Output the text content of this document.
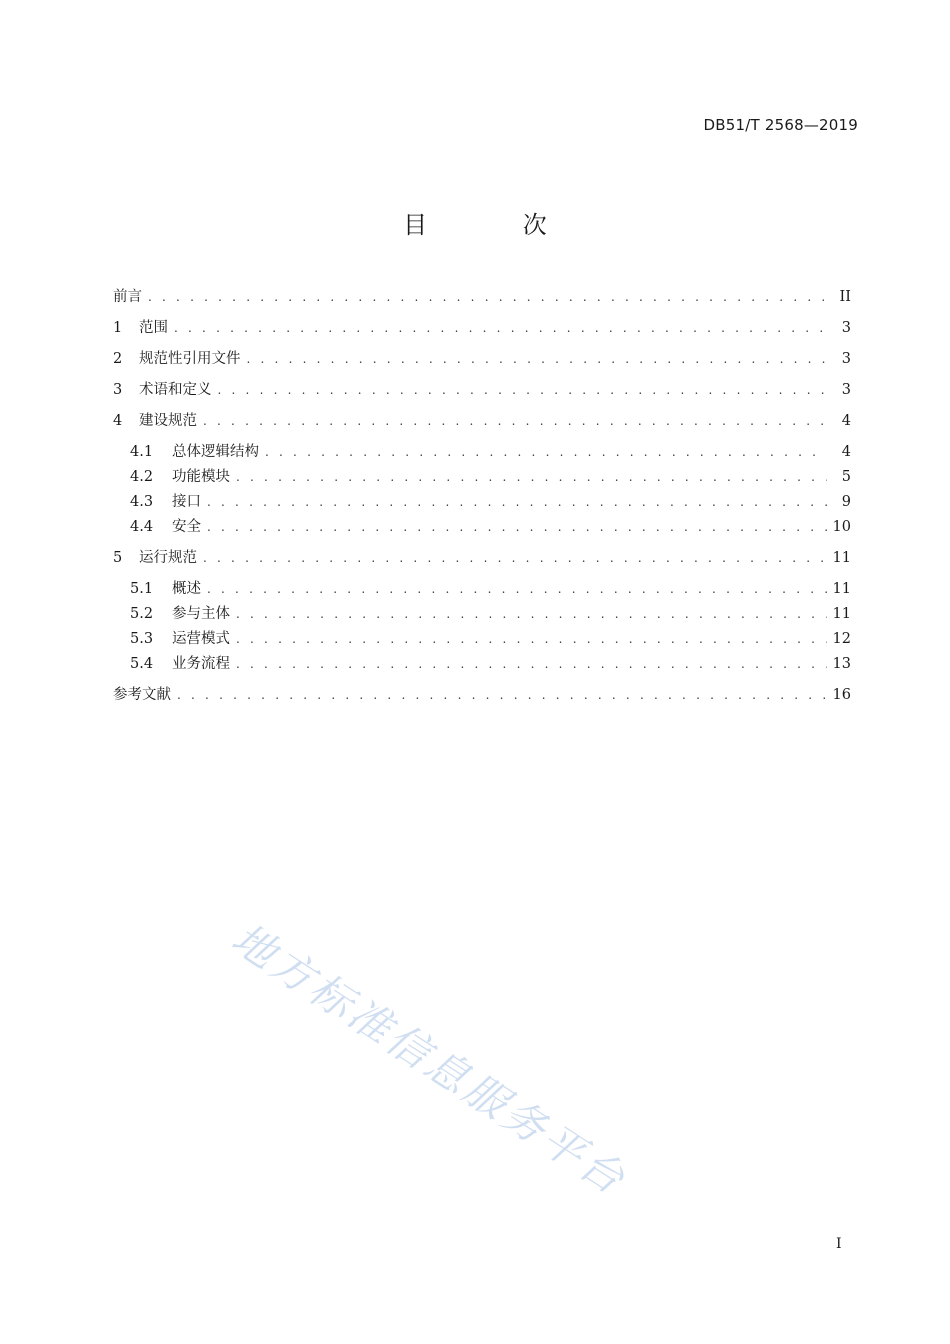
DB51/T 2568—2019
目 次
前言 . . .	II
1	范围 . . .	3
2	规范性引用文件 . . .	3
3	术语和定义 . . .	3
4	建设规范 . . .	4
4.1	总体逻辑结构 . . .	4
4.2	功能模块 . . .	5
4.3	接口 . . .	9
4.4	安全 . . .	10
5	运行规范 . . .	11
5.1	概述 . . .	11
5.2	参与主体 . . .	11
5.3	运营模式 . . .	12
5.4	业务流程 . . .	13
参考文献 . . .	16
地方标准信息服务平台
I
